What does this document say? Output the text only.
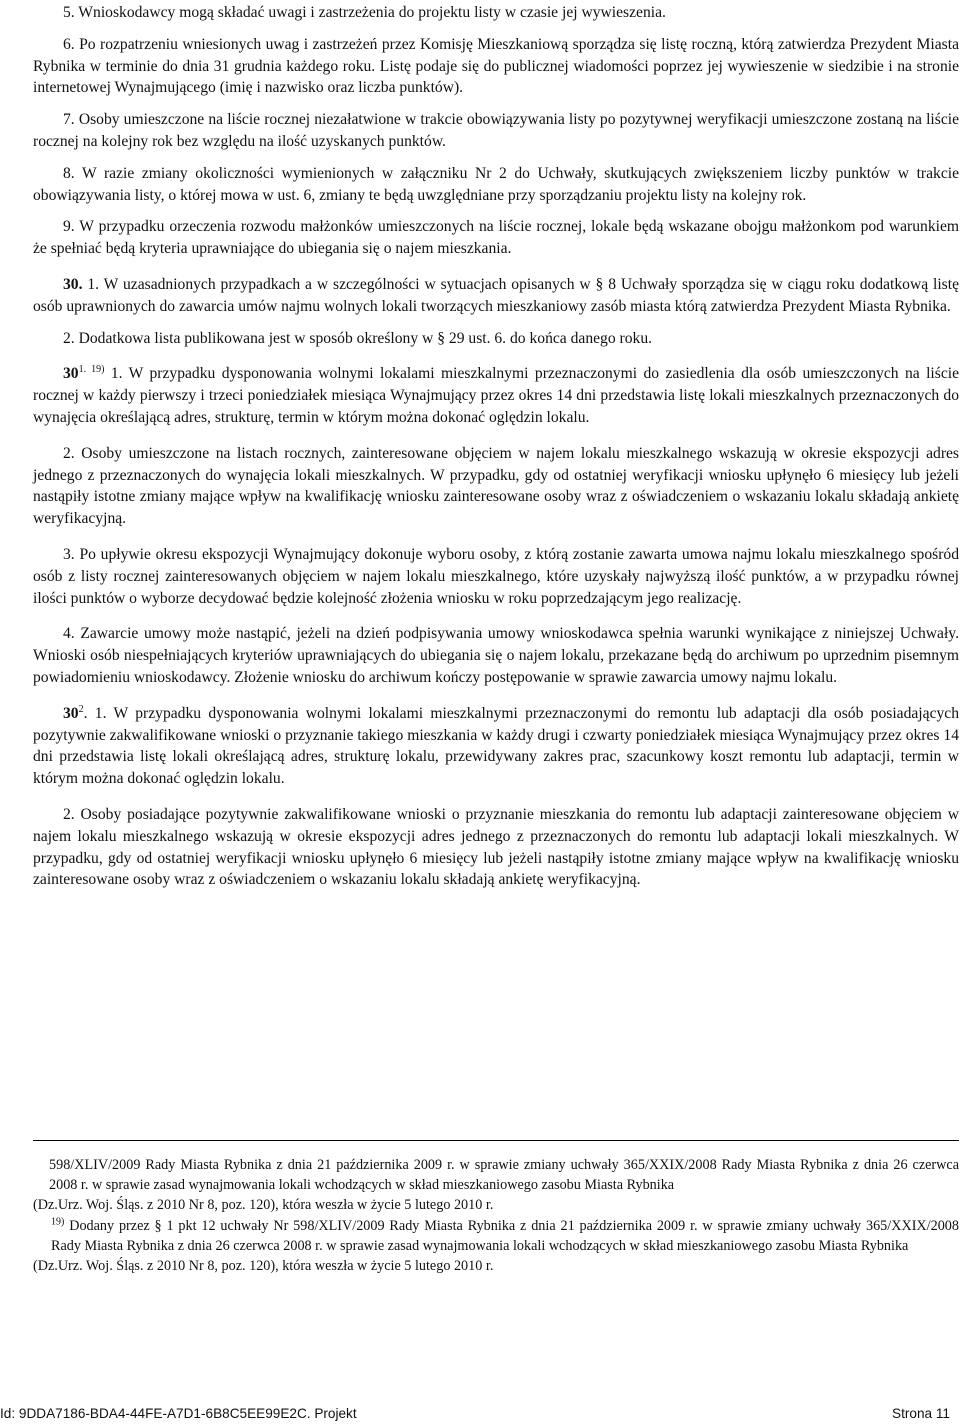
5. Wnioskodawcy mogą składać uwagi i zastrzeżenia do projektu listy w czasie jej wywieszenia.

6. Po rozpatrzeniu wniesionych uwag i zastrzeżeń przez Komisję Mieszkaniową sporządza się listę roczną, którą zatwierdza Prezydent Miasta Rybnika w terminie do dnia 31 grudnia każdego roku. Listę podaje się do publicznej wiadomości poprzez jej wywieszenie w siedzibie i na stronie internetowej Wynajmującego (imię i nazwisko oraz liczba punktów).

7. Osoby umieszczone na liście rocznej niezałatwione w trakcie obowiązywania listy po pozytywnej weryfikacji umieszczone zostaną na liście rocznej na kolejny rok bez względu na ilość uzyskanych punktów.

8. W razie zmiany okoliczności wymienionych w załączniku Nr 2 do Uchwały, skutkujących zwiększeniem liczby punktów w trakcie obowiązywania listy, o której mowa w ust. 6, zmiany te będą uwzględniane przy sporządzaniu projektu listy na kolejny rok.

9. W przypadku orzeczenia rozwodu małżonków umieszczonych na liście rocznej, lokale będą wskazane obojgu małżonkom pod warunkiem że spełniać będą kryteria uprawniające do ubiegania się o najem mieszkania.

30. 1. W uzasadnionych przypadkach a w szczególności w sytuacjach opisanych w § 8 Uchwały sporządza się w ciągu roku dodatkową listę osób uprawnionych do zawarcia umów najmu wolnych lokali tworzących mieszkaniowy zasób miasta którą zatwierdza Prezydent Miasta Rybnika.

2. Dodatkowa lista publikowana jest w sposób określony w § 29 ust. 6. do końca danego roku.

$30^{1. 19)}$ 1. W przypadku dysponowania wolnymi lokalami mieszkalnymi przeznaczonymi do zasiedlenia dla osób umieszczonych na liście rocznej w każdy pierwszy i trzeci poniedziałek miesiąca Wynajmujący przez okres 14 dni przedstawia listę lokali mieszkalnych przeznaczonych do wynajęcia określającą adres, strukturę, termin w którym można dokonać oględzin lokalu.

2. Osoby umieszczone na listach rocznych, zainteresowane objęciem w najem lokalu mieszkalnego wskazują w okresie ekspozycji adres jednego z przeznaczonych do wynajęcia lokali mieszkalnych. W przypadku, gdy od ostatniej weryfikacji wniosku upłynęło 6 miesięcy lub jeżeli nastąpiły istotne zmiany mające wpływ na kwalifikację wniosku zainteresowane osoby wraz z oświadczeniem o wskazaniu lokalu składają ankietę weryfikacyjną.

3. Po upływie okresu ekspozycji Wynajmujący dokonuje wyboru osoby, z którą zostanie zawarta umowa najmu lokalu mieszkalnego spośród osób z listy rocznej zainteresowanych objęciem w najem lokalu mieszkalnego, które uzyskały najwyższą ilość punktów, a w przypadku równej ilości punktów o wyborze decydować będzie kolejność złożenia wniosku w roku poprzedzającym jego realizację.

4. Zawarcie umowy może nastąpić, jeżeli na dzień podpisywania umowy wnioskodawca spełnia warunki wynikające z niniejszej Uchwały. Wnioski osób niespełniających kryteriów uprawniających do ubiegania się o najem lokalu, przekazane będą do archiwum po uprzednim pisemnym powiadomieniu wnioskodawcy. Złożenie wniosku do archiwum kończy postępowanie w sprawie zawarcia umowy najmu lokalu.

$30^2$. 1. W przypadku dysponowania wolnymi lokalami mieszkalnymi przeznaczonymi do remontu lub adaptacji dla osób posiadających pozytywnie zakwalifikowane wnioski o przyznanie takiego mieszkania w każdy drugi i czwarty poniedziałek miesiąca Wynajmujący przez okres 14 dni przedstawia listę lokali określającą adres, strukturę lokalu, przewidywany zakres prac, szacunkowy koszt remontu lub adaptacji, termin w którym można dokonać oględzin lokalu.

2. Osoby posiadające pozytywnie zakwalifikowane wnioski o przyznanie mieszkania do remontu lub adaptacji zainteresowane objęciem w najem lokalu mieszkalnego wskazują w okresie ekspozycji adres jednego z przeznaczonych do remontu lub adaptacji lokali mieszkalnych. W przypadku, gdy od ostatniej weryfikacji wniosku upłynęło 6 miesięcy lub jeżeli nastąpiły istotne zmiany mające wpływ na kwalifikację wniosku zainteresowane osoby wraz z oświadczeniem o wskazaniu lokalu składają ankietę weryfikacyjną.

598/XLIV/2009 Rady Miasta Rybnika z dnia 21 października 2009 r. w sprawie zmiany uchwały 365/XXIX/2008 Rady Miasta Rybnika z dnia 26 czerwca 2008 r. w sprawie zasad wynajmowania lokali wchodzących w skład mieszkaniowego zasobu Miasta Rybnika

(Dz.Urz. Woj. Śląs. z 2010 Nr 8, poz. 120), która weszła w życie 5 lutego 2010 r.

$^{19)}$ Dodany przez § 1 pkt 12 uchwały Nr 598/XLIV/2009 Rady Miasta Rybnika z dnia 21 października 2009 r. w sprawie zmiany uchwały 365/XXIX/2008 Rady Miasta Rybnika z dnia 26 czerwca 2008 r. w sprawie zasad wynajmowania lokali wchodzących w skład mieszkaniowego zasobu Miasta Rybnika

(Dz.Urz. Woj. Śląs. z 2010 Nr 8, poz. 120), która weszła w życie 5 lutego 2010 r.

Id: 9DDA7186-BDA4-44FE-A7D1-6B8C5EE99E2C. Projekt	Strona 11
